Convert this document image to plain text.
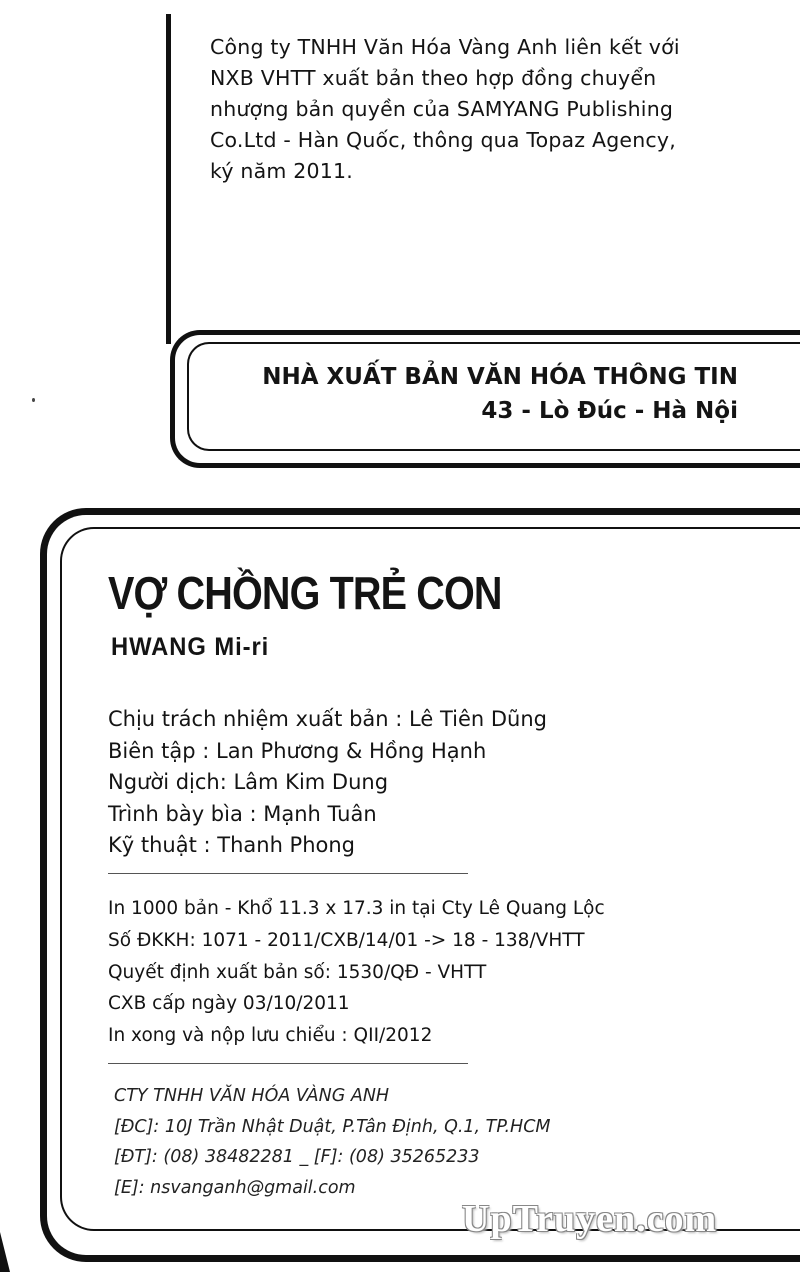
Công ty TNHH Văn Hóa Vàng Anh liên kết với
NXB VHTT xuất bản theo hợp đồng chuyển
nhượng bản quyền của SAMYANG Publishing
Co.Ltd - Hàn Quốc, thông qua Topaz Agency,
ký năm 2011.
NHÀ XUẤT BẢN VĂN HÓA THÔNG TIN
43 - Lò Đúc - Hà Nội
VỢ CHỒNG TRẺ CON
HWANG Mi-ri
Chịu trách nhiệm xuất bản : Lê Tiên Dũng
Biên tập : Lan Phương & Hồng Hạnh
Người dịch: Lâm Kim Dung
Trình bày bìa : Mạnh Tuân
Kỹ thuật : Thanh Phong
In 1000 bản - Khổ 11.3 x 17.3 in tại Cty Lê Quang Lộc
Số ĐKKH: 1071 - 2011/CXB/14/01 -> 18 - 138/VHTT
Quyết định xuất bản số: 1530/QĐ - VHTT
CXB cấp ngày 03/10/2011
In xong và nộp lưu chiểu : QII/2012
CTY TNHH VĂN HÓA VÀNG ANH
[ĐC]: 10J Trần Nhật Duật, P.Tân Định, Q.1, TP.HCM
[ĐT]: (08) 38482281 _ [F]: (08) 35265233
[E]: nsvanganh@gmail.com
UpTruyen.com
